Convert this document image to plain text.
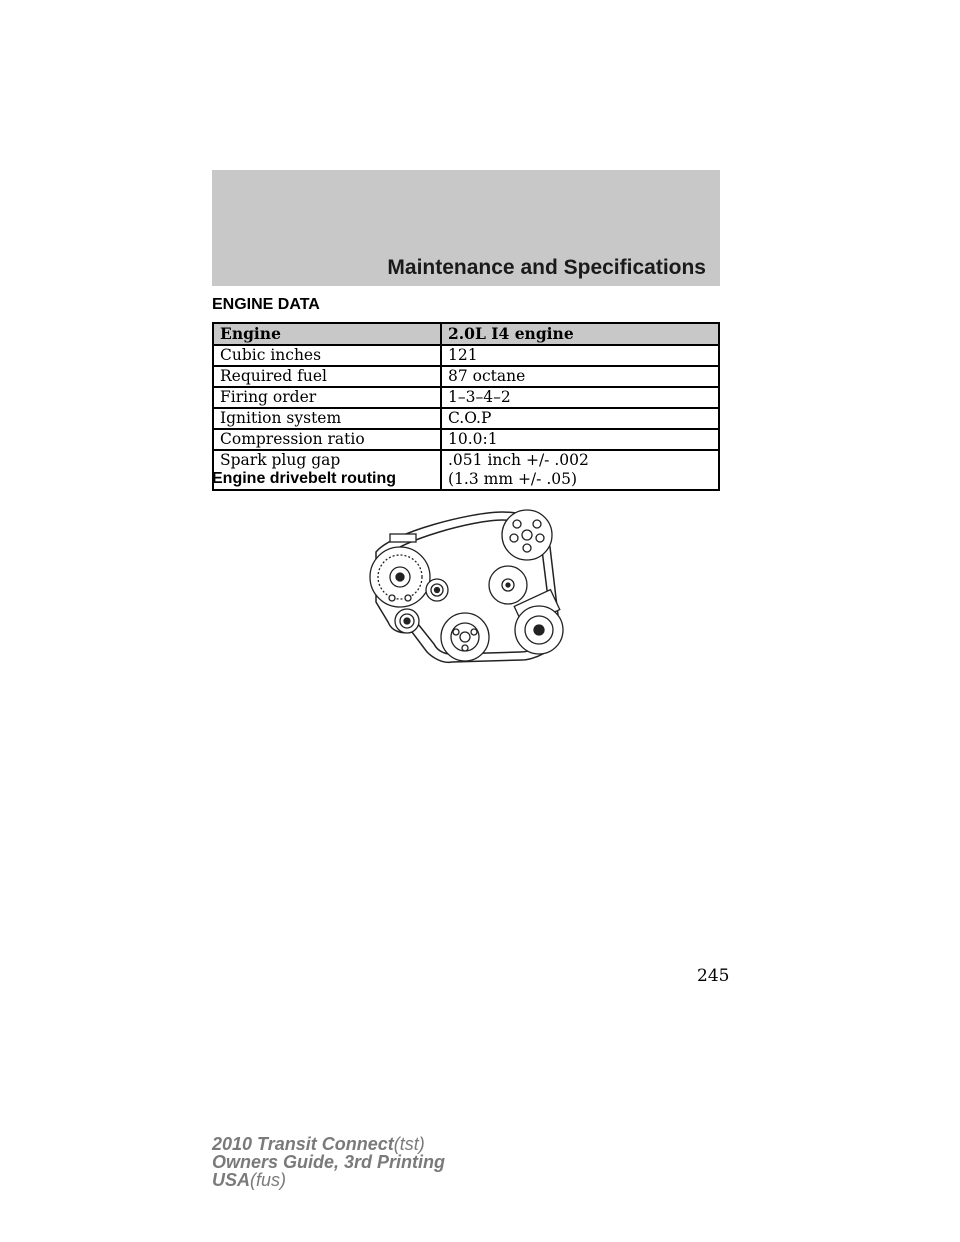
Maintenance and Specifications
ENGINE DATA
Engine	2.0L I4 engine
Cubic inches	121
Required fuel	87 octane
Firing order	1–3–4–2
Ignition system	C.O.P
Compression ratio	10.0:1
Spark plug gap	.051 inch +/- .002
(1.3 mm +/- .05)
Engine drivebelt routing
245
2010 Transit Connect(tst)
Owners Guide, 3rd Printing
USA(fus)
